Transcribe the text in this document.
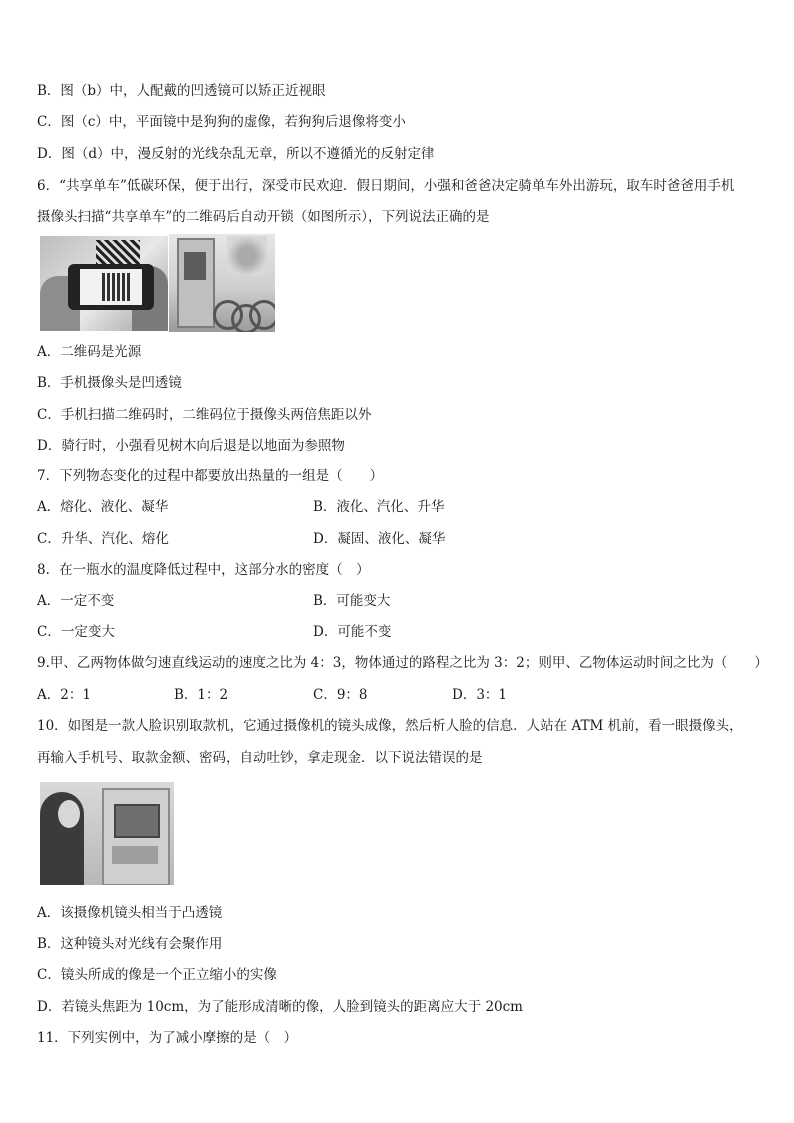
B．图（b）中，人配戴的凹透镜可以矫正近视眼
C．图（c）中，平面镜中是狗狗的虚像，若狗狗后退像将变小
D．图（d）中，漫反射的光线杂乱无章，所以不遵循光的反射定律
6．“共享单车”低碳环保，便于出行，深受市民欢迎．假日期间，小强和爸爸决定骑单车外出游玩，取车时爸爸用手机
摄像头扫描“共享单车”的二维码后自动开锁（如图所示），下列说法正确的是
A．二维码是光源
B．手机摄像头是凹透镜
C．手机扫描二维码时，二维码位于摄像头两倍焦距以外
D．骑行时，小强看见树木向后退是以地面为参照物
7．下列物态变化的过程中都要放出热量的一组是（　　）
A．熔化、液化、凝华	B．液化、汽化、升华
C．升华、汽化、熔化	D．凝固、液化、凝华
8．在一瓶水的温度降低过程中，这部分水的密度（　）
A．一定不变	B．可能变大
C．一定变大	D．可能不变
9.甲、乙两物体做匀速直线运动的速度之比为 4：3，物体通过的路程之比为 3：2；则甲、乙物体运动时间之比为（　　）
A．2：1	B．1：2	C．9：8	D．3：1
10．如图是一款人脸识别取款机，它通过摄像机的镜头成像，然后析人脸的信息．人站在 ATM 机前，看一眼摄像头，
再输入手机号、取款金额、密码，自动吐钞，拿走现金．以下说法错误的是
A．该摄像机镜头相当于凸透镜
B．这种镜头对光线有会聚作用
C．镜头所成的像是一个正立缩小的实像
D．若镜头焦距为 10cm，为了能形成清晰的像，人脸到镜头的距离应大于 20cm
11．下列实例中，为了减小摩擦的是（　）
